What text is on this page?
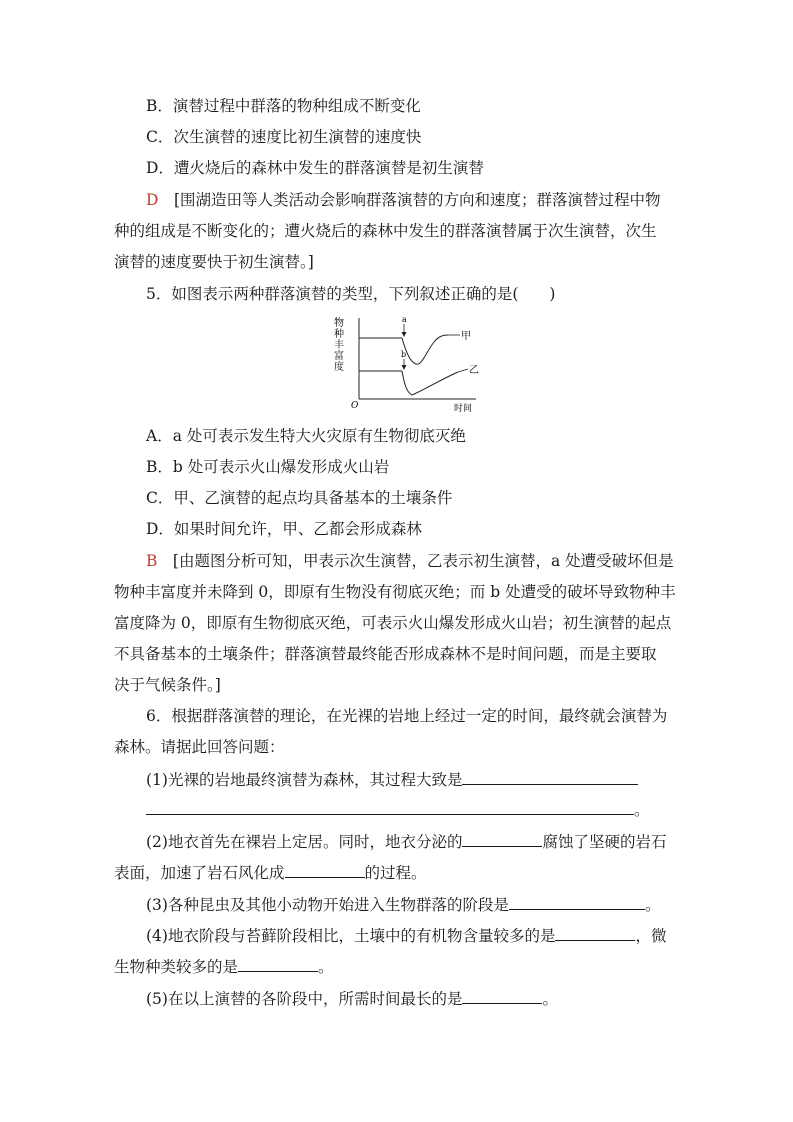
B．演替过程中群落的物种组成不断变化
C．次生演替的速度比初生演替的速度快
D．遭火烧后的森林中发生的群落演替是初生演替
D　 [围湖造田等人类活动会影响群落演替的方向和速度；群落演替过程中物
种的组成是不断变化的；遭火烧后的森林中发生的群落演替属于次生演替，次生
演替的速度要快于初生演替。]
5．如图表示两种群落演替的类型，下列叙述正确的是(　　)
物
种
丰
富
度
a
b
甲
乙
O	时间
A．a 处可表示发生特大火灾原有生物彻底灭绝
B．b 处可表示火山爆发形成火山岩
C．甲、乙演替的起点均具备基本的土壤条件
D．如果时间允许，甲、乙都会形成森林
B　 [由题图分析可知，甲表示次生演替，乙表示初生演替，a 处遭受破坏但是
物种丰富度并未降到 0，即原有生物没有彻底灭绝；而 b 处遭受的破坏导致物种丰
富度降为 0，即原有生物彻底灭绝，可表示火山爆发形成火山岩；初生演替的起点
不具备基本的土壤条件；群落演替最终能否形成森林不是时间问题，而是主要取
决于气候条件。]
6．根据群落演替的理论，在光裸的岩地上经过一定的时间，最终就会演替为
森林。请据此回答问题：
(1)光裸的岩地最终演替为森林，其过程大致是
。
(2)地衣首先在裸岩上定居。同时，地衣分泌的	腐蚀了坚硬的岩石
表面，加速了岩石风化成	的过程。
(3)各种昆虫及其他小动物开始进入生物群落的阶段是	。
(4)地衣阶段与苔藓阶段相比，土壤中的有机物含量较多的是	，微
生物种类较多的是	。
(5)在以上演替的各阶段中，所需时间最长的是	。
